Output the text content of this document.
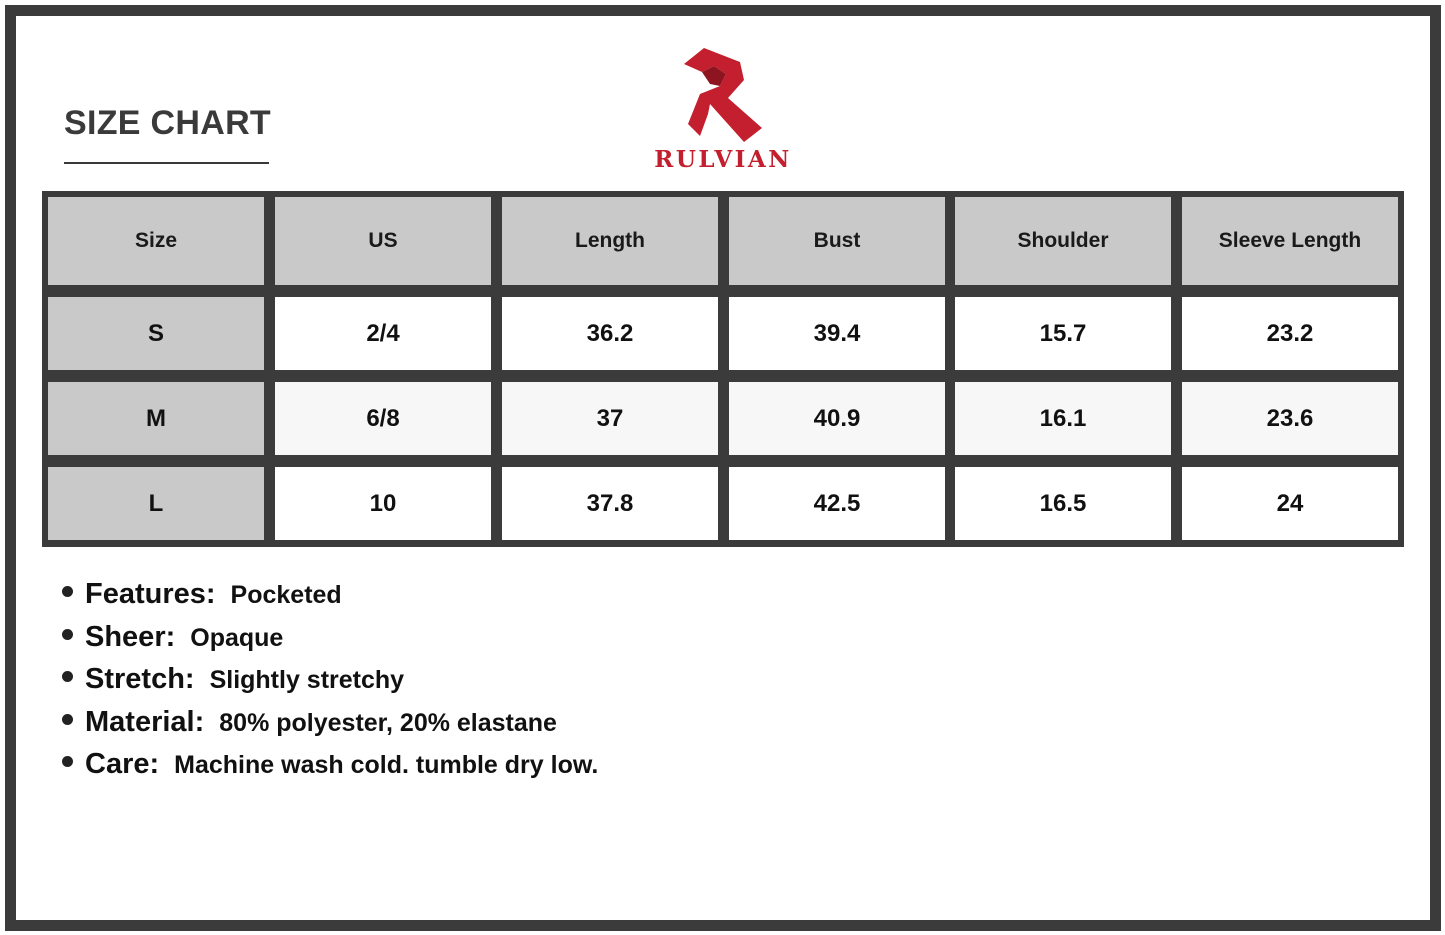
SIZE CHART
RULVIAN
Size	US	Length	Bust	Shoulder	Sleeve Length
S	2/4	36.2	39.4	15.7	23.2
M	6/8	37	40.9	16.1	23.6
L	10	37.8	42.5	16.5	24
Features: Pocketed
Sheer: Opaque
Stretch: Slightly stretchy
Material: 80% polyester, 20% elastane
Care: Machine wash cold. tumble dry low.
